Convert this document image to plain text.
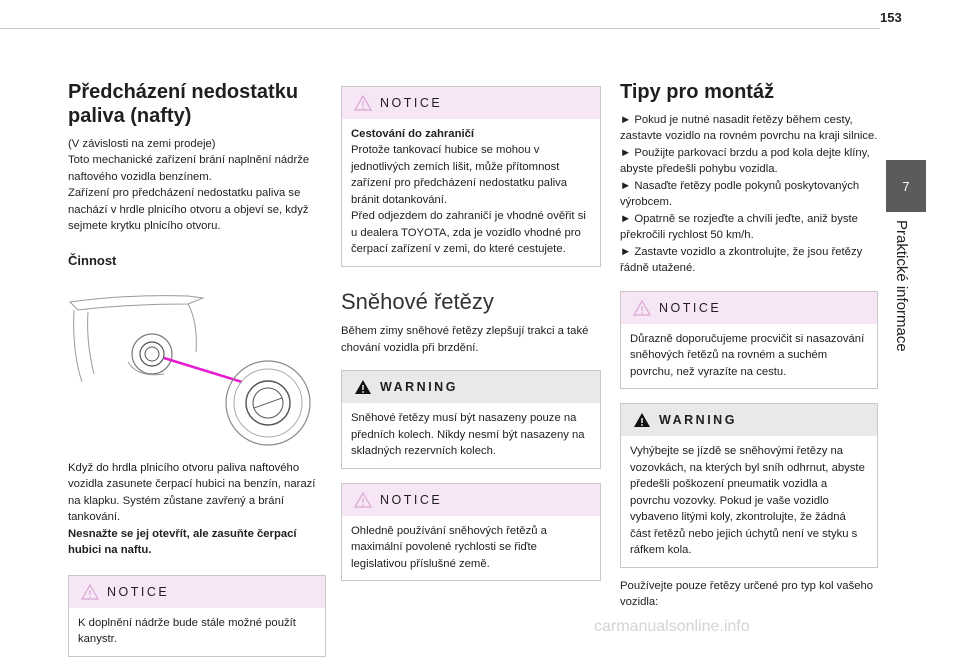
153
7
Praktické informace
Předcházení nedostatku paliva (nafty)

(V závislosti na zemi prodeje)

Toto mechanické zařízení brání naplnění nádrže naftového vozidla benzínem.

Zařízení pro předcházení nedostatku paliva se nachází v hrdle plnicího otvoru a objeví se, když sejmete krytku plnicího otvoru.

Činnost

Když do hrdla plnicího otvoru paliva naftového vozidla zasunete čerpací hubici na benzín, narazí na klapku. Systém zůstane zavřený a brání tankování.

Nesnažte se jej otevřít, ale zasuňte čerpací hubici na naftu.

NOTICE

K doplnění nádrže bude stále možné použít kanystr.

NOTICE

Cestování do zahraničí

Protože tankovací hubice se mohou v jednotlivých zemích lišit, může přítomnost zařízení pro předcházení nedostatku paliva bránit dotankování.

Před odjezdem do zahraničí je vhodné ověřit si u dealera TOYOTA, zda je vozidlo vhodné pro čerpací zařízení v zemi, do které cestujete.

Sněhové řetězy

Během zimy sněhové řetězy zlepšují trakci a také chování vozidla při brzdění.

WARNING

Sněhové řetězy musí být nasazeny pouze na předních kolech. Nikdy nesmí být nasazeny na skladných rezervních kolech.

NOTICE

Ohledně používání sněhových řetězů a maximální povolené rychlosti se řiďte legislativou příslušné země.

Tipy pro montáž

► Pokud je nutné nasadit řetězy během cesty, zastavte vozidlo na rovném povrchu na kraji silnice.

► Použijte parkovací brzdu a pod kola dejte klíny, abyste předešli pohybu vozidla.

► Nasaďte řetězy podle pokynů poskytovaných výrobcem.

► Opatrně se rozjeďte a chvíli jeďte, aniž byste překročili rychlost 50 km/h.

► Zastavte vozidlo a zkontrolujte, že jsou řetězy řádně utažené.

NOTICE

Důrazně doporučujeme procvičit si nasazování sněhových řetězů na rovném a suchém povrchu, než vyrazíte na cestu.

WARNING

Vyhýbejte se jízdě se sněhovými řetězy na vozovkách, na kterých byl sníh odhrnut, abyste předešli poškození pneumatik vozidla a povrchu vozovky. Pokud je vaše vozidlo vybaveno litými koly, zkontrolujte, že žádná část řetězů nebo jejich úchytů není ve styku s ráfkem kola.

Používejte pouze řetězy určené pro typ kol vašeho vozidla:

carmanualsonline.info
